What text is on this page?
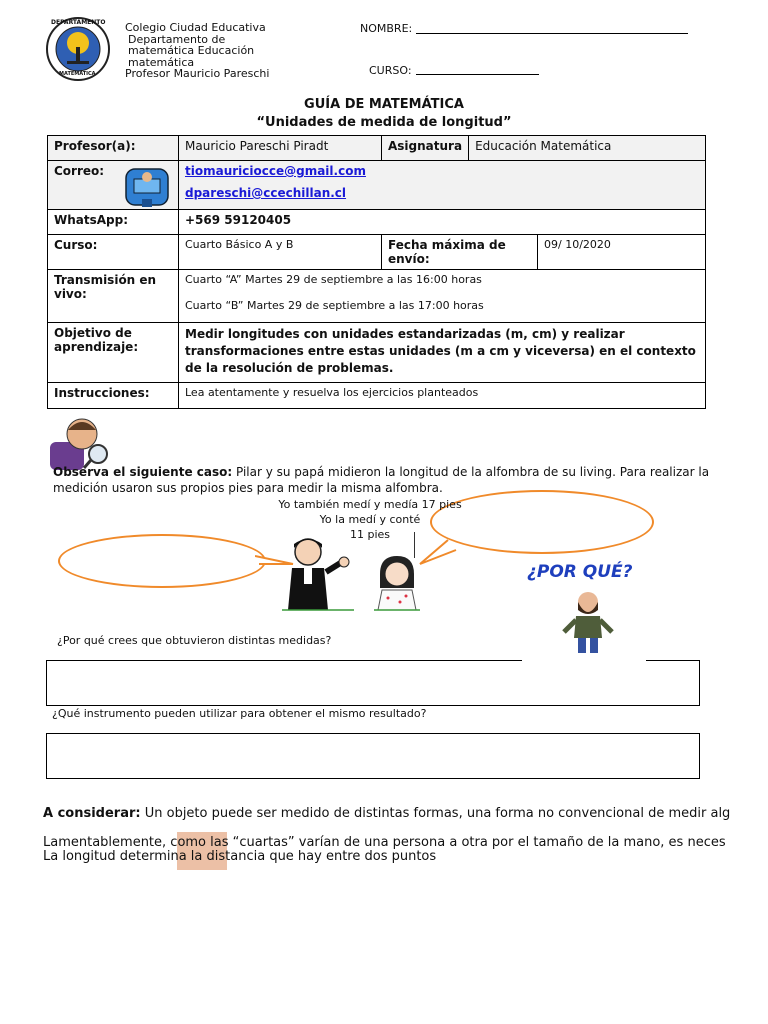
DEPARTAMENTO
MATEMÁTICA
Colegio Ciudad Educativa
Departamento de
matemática Educación
matemática
Profesor Mauricio Pareschi
NOMBRE:
CURSO:
GUÍA DE MATEMÁTICA
“Unidades de medida de longitud”
Profesor(a):	Mauricio Pareschi Piradt	Asignatura	Educación Matemática	
Correo:	tiomauriciocce@gmail.com
dpareschi@ccechillan.cl			

WhatsApp:	+569 59120405			
Curso:	Cuarto Básico A y B	Fecha máxima de envío:		09/ 10/2020
Transmisión en vivo:	Cuarto “A” Martes 29 de septiembre a las 16:00 horas
Cuarto “B” Martes 29 de septiembre a las 17:00 horas			

Objetivo de aprendizaje:	Medir longitudes con unidades estandarizadas (m, cm) y realizar transformaciones entre estas unidades (m a cm y viceversa) en el contexto de la resolución de problemas.			
Instrucciones:	Lea atentamente y resuelva los ejercicios planteados			
Observa el siguiente caso: Pilar y su papá midieron la longitud de la alfombra de su living. Para realizar la medición usaron sus propios pies para medir la misma alfombra.
Yo también medí y medía 17 pies
Yo la medí y conté
11 pies
¿POR QUÉ?
¿Por qué crees que obtuvieron distintas medidas?
¿Qué instrumento pueden utilizar para obtener el mismo resultado?
A considerar: Un objeto puede ser medido de distintas formas, una forma no convencional de medir alg
Lamentablemente, como las “cuartas” varían de una persona a otra por el tamaño de la mano, es neces
La longitud determina la distancia que hay entre dos puntos
